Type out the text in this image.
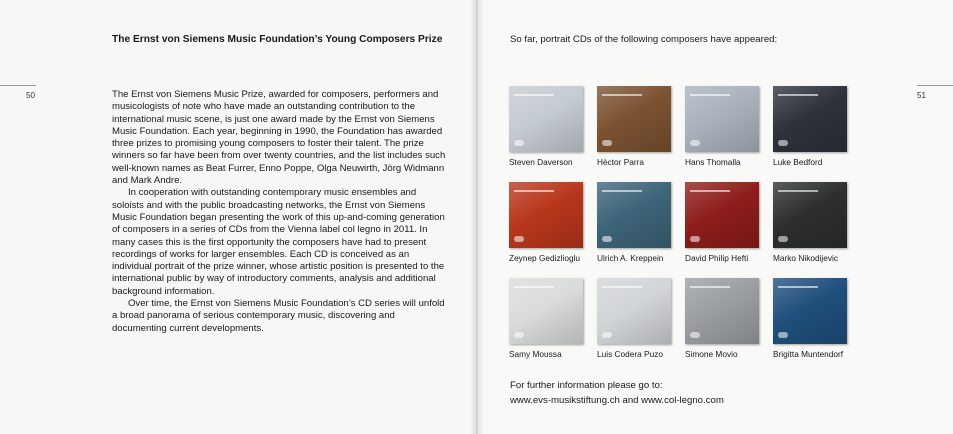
50
The Ernst von Siemens Music Foundation’s Young Composers Prize

The Ernst von Siemens Music Prize, awarded for composers, performers and musicologists of note who have made an outstanding contribution to the international music scene, is just one award made by the Ernst von Siemens Music Foundation. Each year, beginning in 1990, the Foundation has awarded three prizes to promising young composers to foster their talent. The prize winners so far have been from over twenty countries, and the list includes such well-known names as Beat Furrer, Enno Poppe, Olga Neuwirth, Jörg Widmann and Mark Andre.

In cooperation with outstanding contemporary music ensembles and soloists and with the public broadcasting networks, the Ernst von Siemens Music Foundation began presenting the work of this up-and-coming generation of composers in a series of CDs from the Vienna label col legno in 2011. In many cases this is the first opportunity the composers have had to present recordings of works for larger ensembles. Each CD is conceived as an individual portrait of the prize winner, whose artistic position is presented to the international public by way of introductory comments, analysis and additional background information.

Over time, the Ernst von Siemens Music Foundation’s CD series will unfold a broad panorama of serious contemporary music, discovering and documenting current developments.

51
So far, portrait CDs of the following composers have appeared:
Steven Daverson	Hèctor Parra	Hans Thomalla	Luke Bedford
Zeynep Gedizlioglu	Ulrich A. Kreppein	David Philip Hefti	Marko Nikodijevic
Samy Moussa	Luis Codera Puzo	Simone Movio	Brigitta Muntendorf

For further information please go to:

www.evs-musikstiftung.ch and www.col-legno.com
